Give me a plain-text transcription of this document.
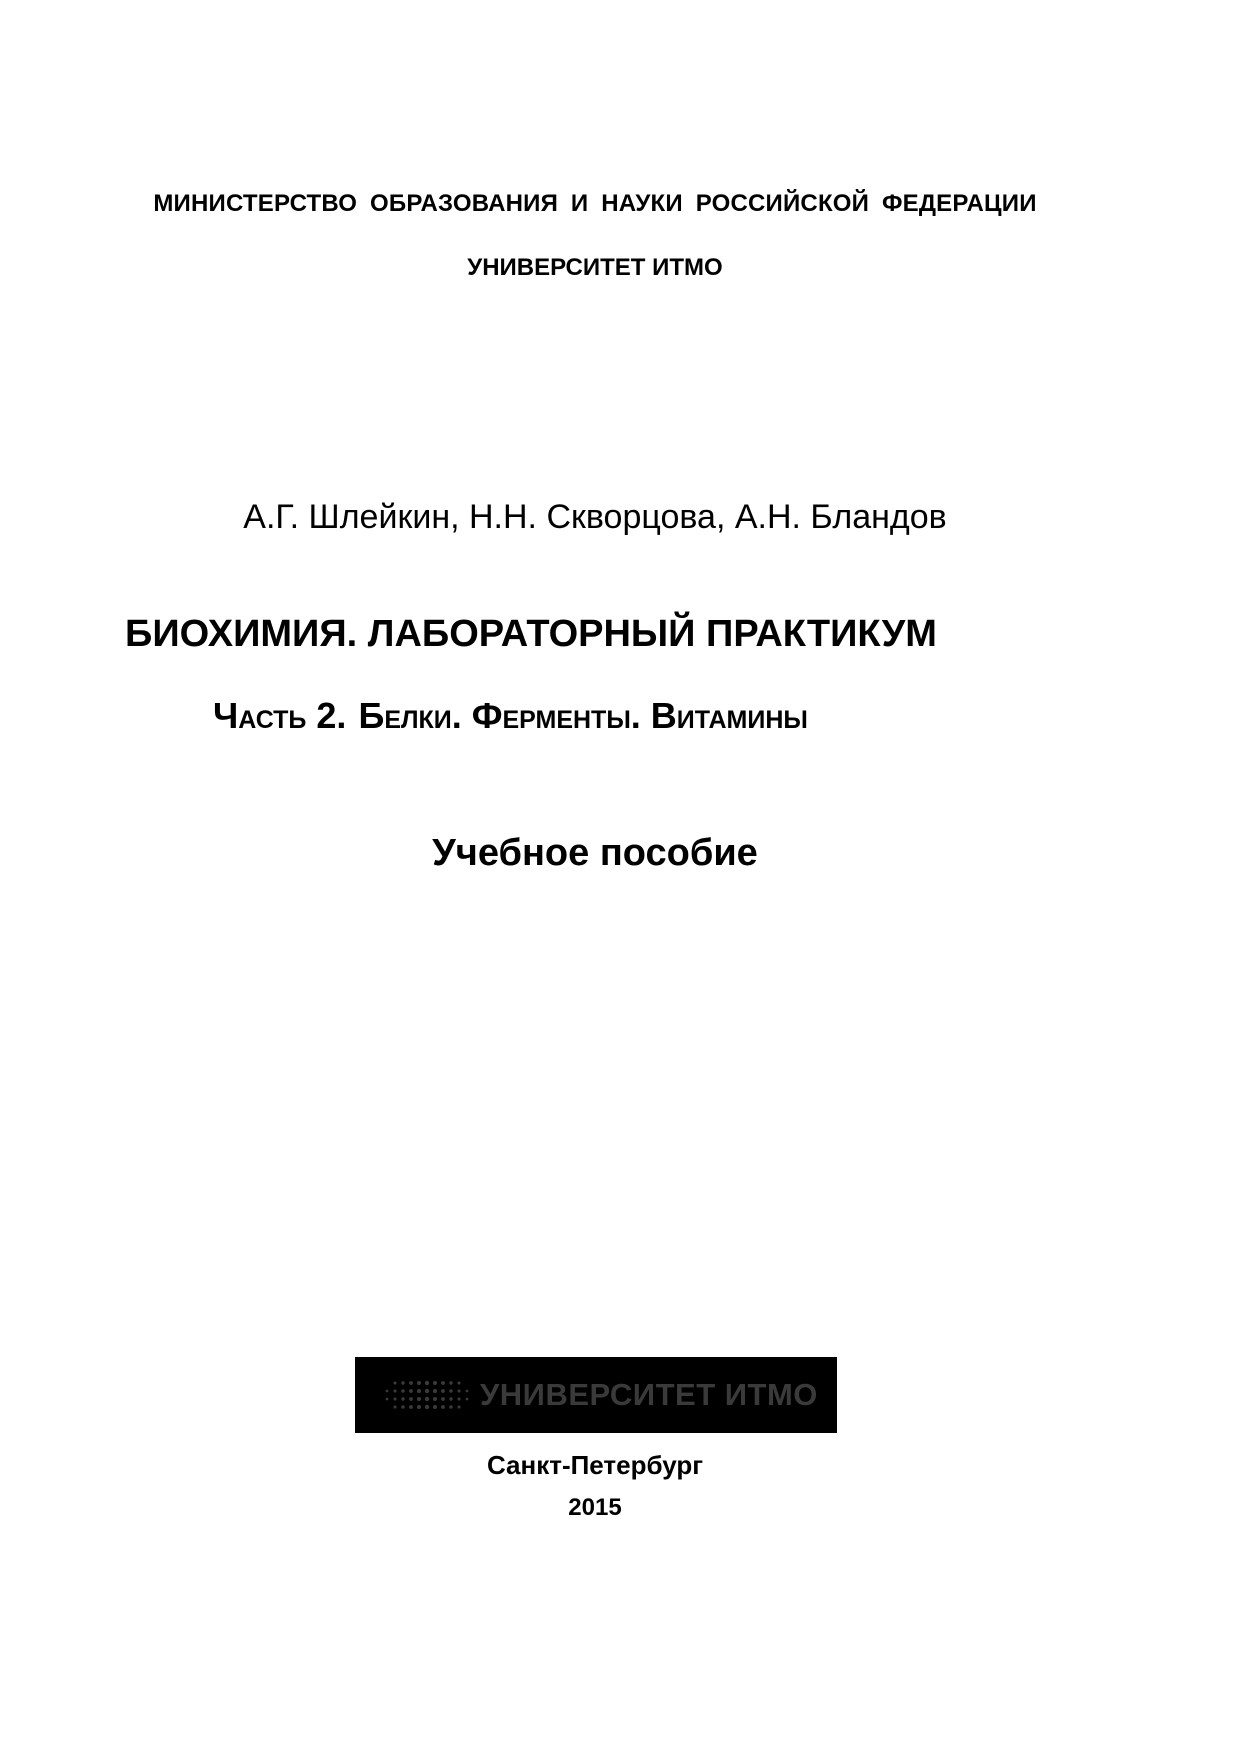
МИНИСТЕРСТВО ОБРАЗОВАНИЯ И НАУКИ РОССИЙСКОЙ ФЕДЕРАЦИИ

УНИВЕРСИТЕТ ИТМО

А.Г. Шлейкин, Н.Н. Скворцова, А.Н. Бландов

БИОХИМИЯ. ЛАБОРАТОРНЫЙ ПРАКТИКУМ

Часть 2. Белки. Ферменты. Витамины

Учебное пособие

УНИВЕРСИТЕТ ИТМО

Санкт-Петербург

2015
